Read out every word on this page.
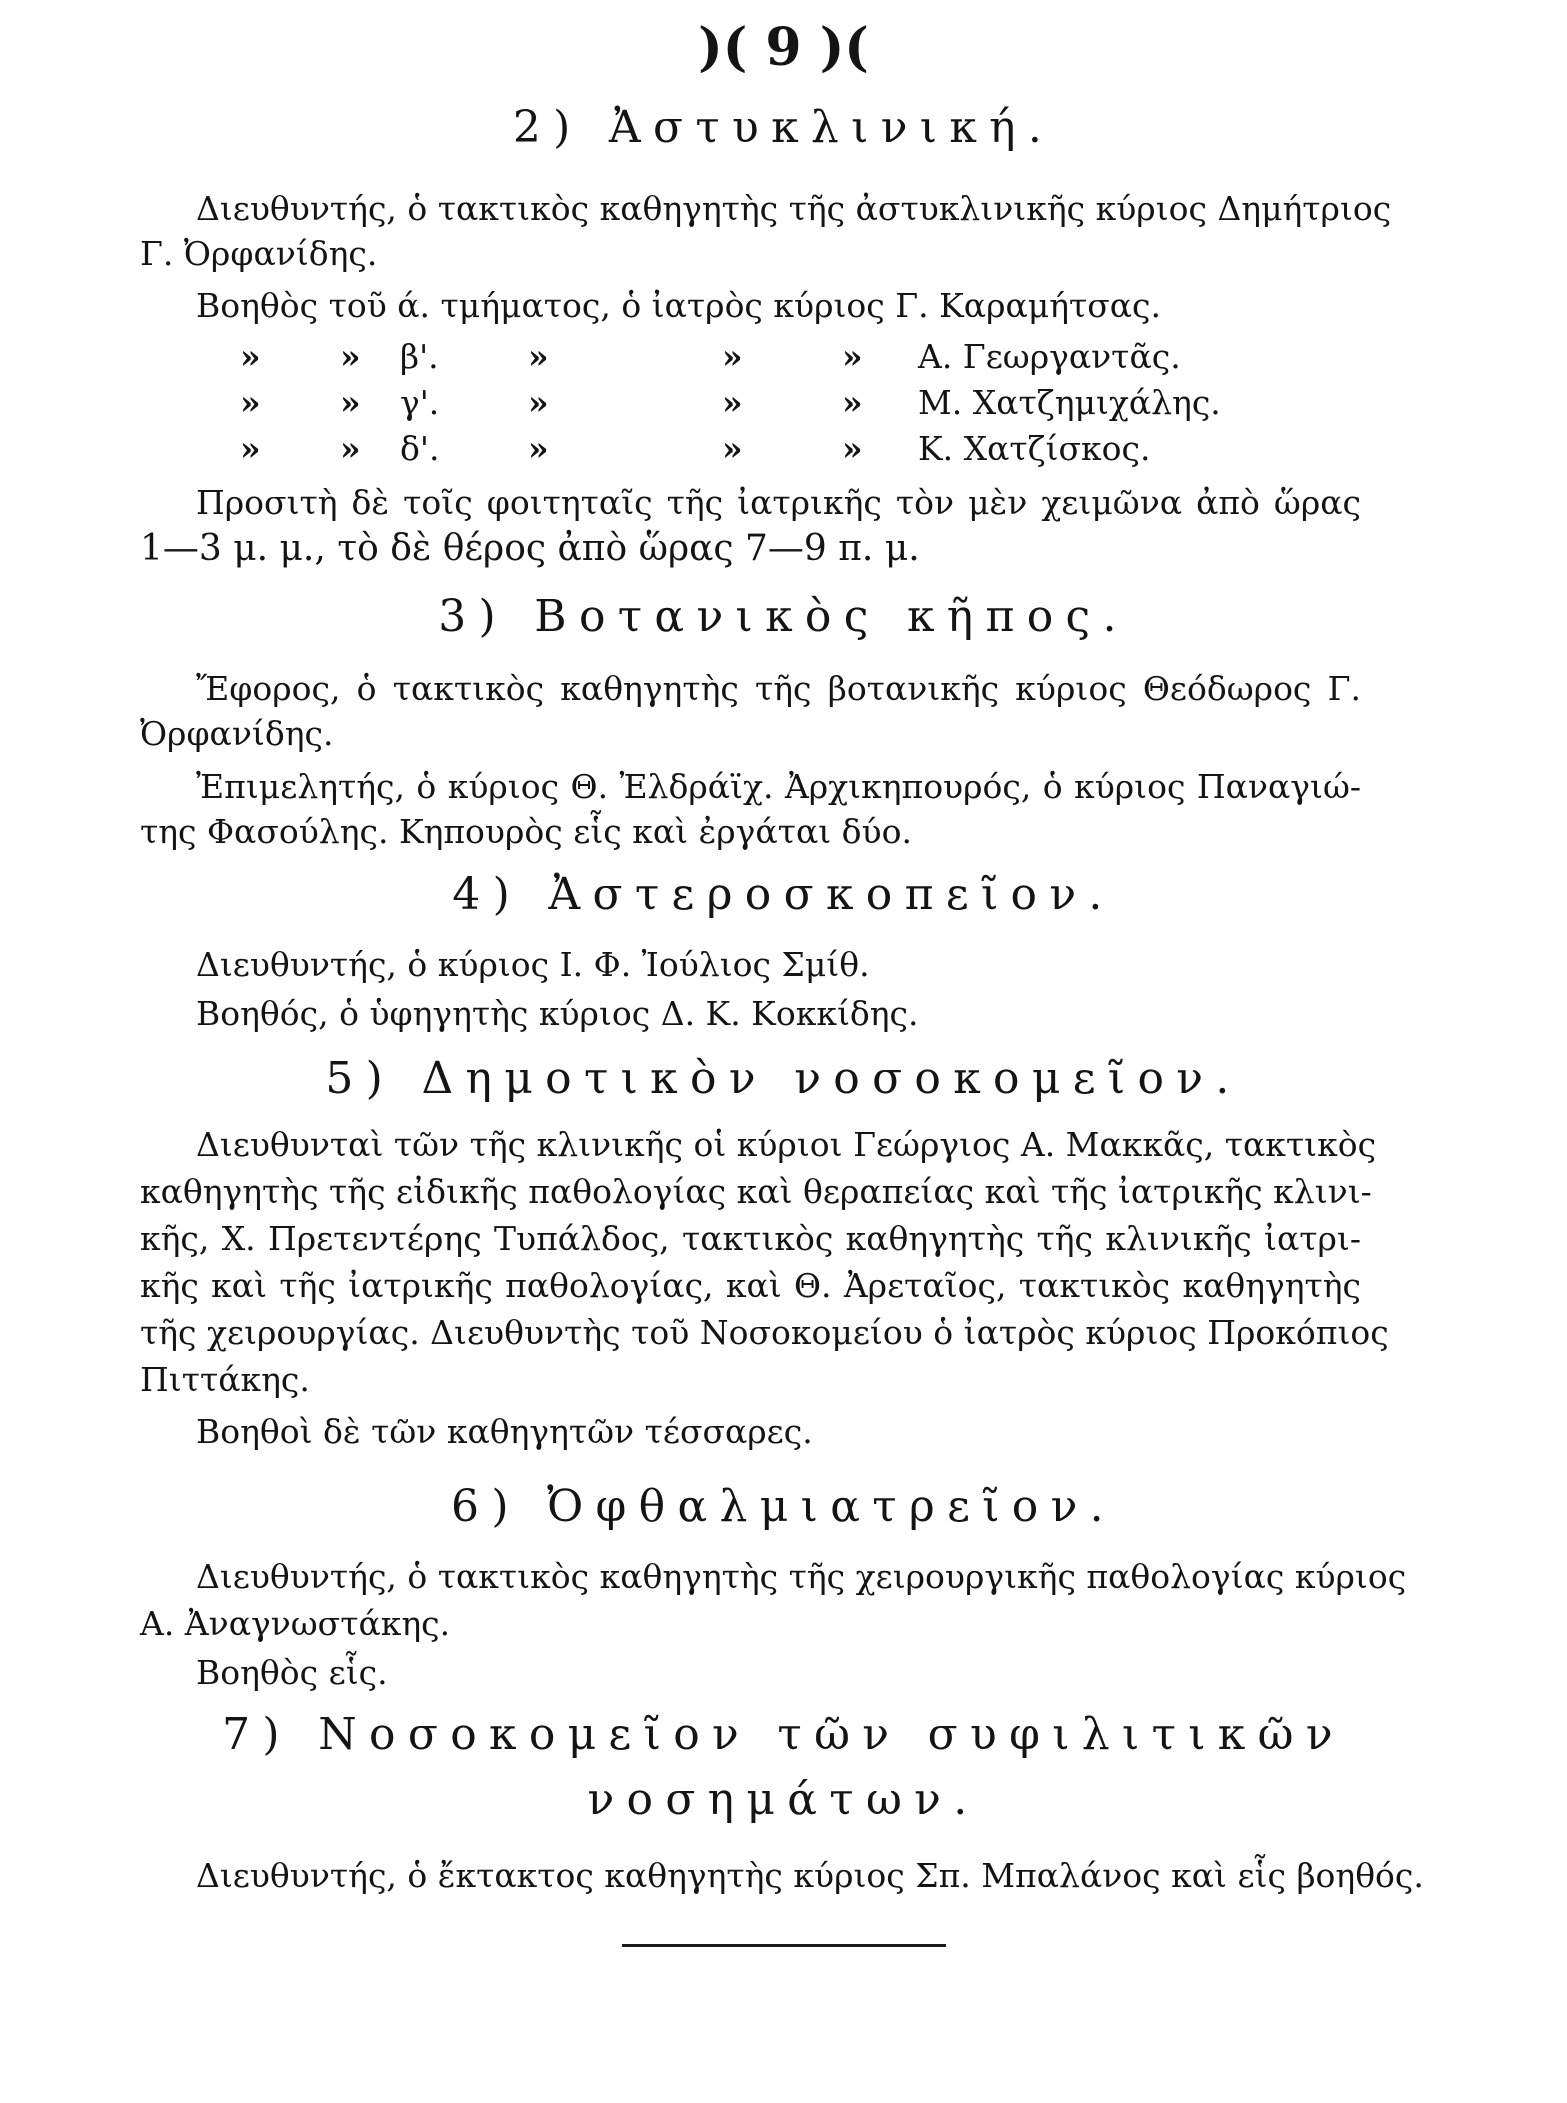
)( 9 )(
2) Ἀστυκλινική.
Διευθυντής, ὁ τακτικὸς καθηγητὴς τῆς ἀστυκλινικῆς κύριος Δημήτριος
Γ. Ὀρφανίδης.
Βοηθὸς τοῦ ά. τμήματος, ὁ ἰατρὸς κύριος Γ. Καραμήτσας.
» » β'.	»	»	» Α. Γεωργαντᾶς.
» » γ'.	»	»	» Μ. Χατζημιχάλης.
» » δ'.	»	»	» Κ. Χατζίσκος.
Προσιτὴ δὲ τοῖς φοιτηταῖς τῆς ἰατρικῆς τὸν μὲν χειμῶνα ἀπὸ ὥρας
1—3 μ. μ., τὸ δὲ θέρος ἀπὸ ὥρας 7—9 π. μ.
3) Βοτανικὸς κῆπος.
Ἔφορος, ὁ τακτικὸς καθηγητὴς τῆς βοτανικῆς κύριος Θεόδωρος Γ.
Ὀρφανίδης.
Ἐπιμελητής, ὁ κύριος Θ. Ἐλδράϊχ. Ἀρχικηπουρός, ὁ κύριος Παναγιώ-
της Φασούλης. Κηπουρὸς εἷς καὶ ἐργάται δύο.
4) Ἀστεροσκοπεῖον.
Διευθυντής, ὁ κύριος Ι. Φ. Ἰούλιος Σμίθ.
Βοηθός, ὁ ὑφηγητὴς κύριος Δ. Κ. Κοκκίδης.
5) Δημοτικὸν νοσοκομεῖον.
Διευθυνταὶ τῶν τῆς κλινικῆς οἱ κύριοι Γεώργιος Α. Μακκᾶς, τακτικὸς
καθηγητὴς τῆς εἰδικῆς παθολογίας καὶ θεραπείας καὶ τῆς ἰατρικῆς κλινι-
κῆς, Χ. Πρετεντέρης Τυπάλδος, τακτικὸς καθηγητὴς τῆς κλινικῆς ἰατρι-
κῆς καὶ τῆς ἰατρικῆς παθολογίας, καὶ Θ. Ἀρεταῖος, τακτικὸς καθηγητὴς
τῆς χειρουργίας. Διευθυντὴς τοῦ Νοσοκομείου ὁ ἰατρὸς κύριος Προκόπιος
Πιττάκης.
Βοηθοὶ δὲ τῶν καθηγητῶν τέσσαρες.
6) Ὀφθαλμιατρεῖον.
Διευθυντής, ὁ τακτικὸς καθηγητὴς τῆς χειρουργικῆς παθολογίας κύριος
Α. Ἀναγνωστάκης.
Βοηθὸς εἷς.
7) Νοσοκομεῖον τῶν συφιλιτικῶν
νοσημάτων.
Διευθυντής, ὁ ἔκτακτος καθηγητὴς κύριος Σπ. Μπαλάνος καὶ εἷς βοηθός.
